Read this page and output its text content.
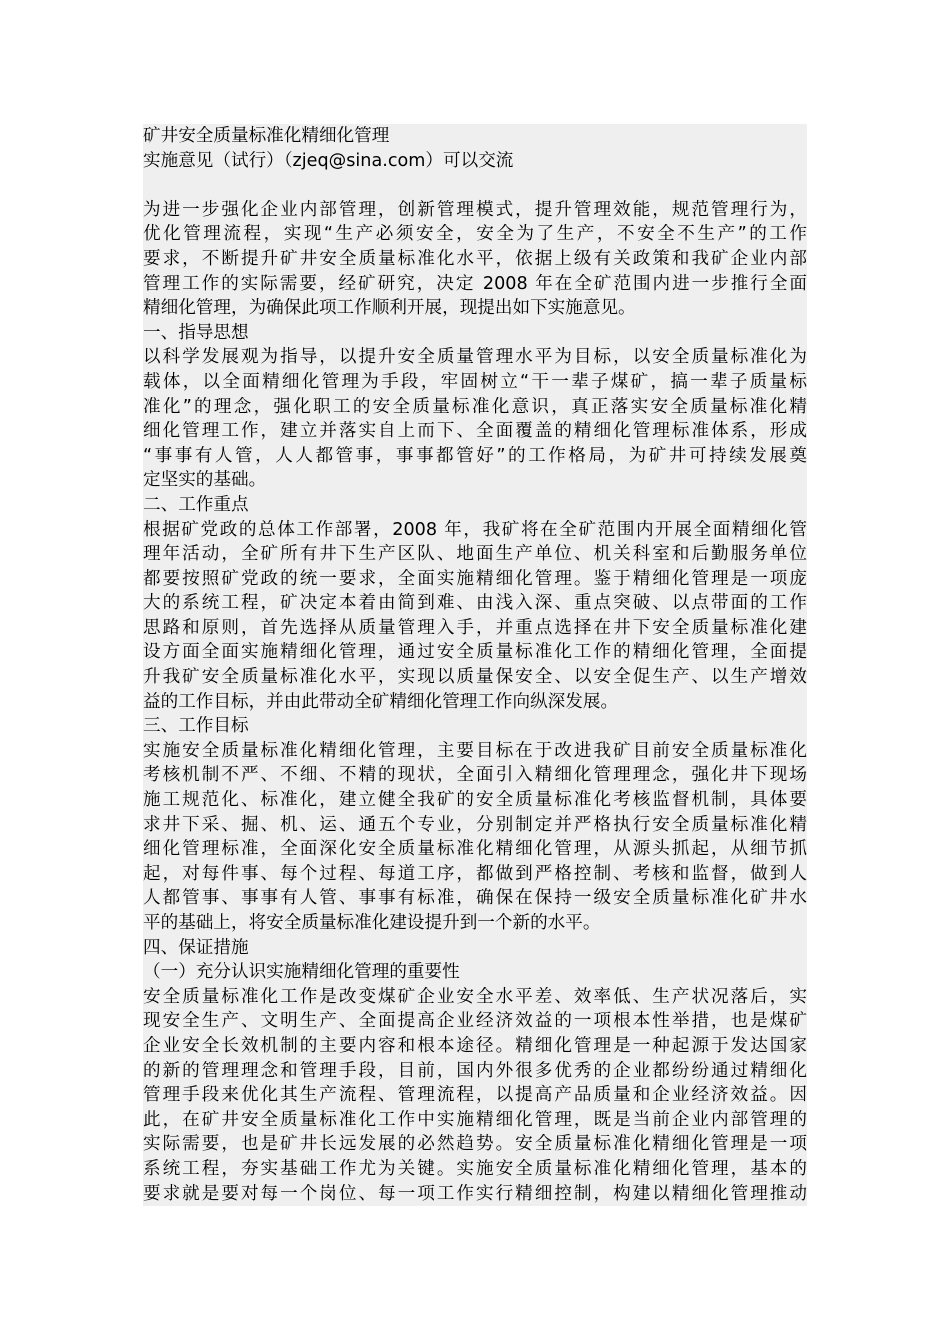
矿井安全质量标准化精细化管理
实施意见（试行）（zjeq@sina.com）可以交流
为进一步强化企业内部管理，创新管理模式，提升管理效能，规范管理行为，
优化管理流程，实现“生产必须安全，安全为了生产，不安全不生产”的工作
要求，不断提升矿井安全质量标准化水平，依据上级有关政策和我矿企业内部
管理工作的实际需要，经矿研究，决定 2008 年在全矿范围内进一步推行全面
精细化管理，为确保此项工作顺利开展，现提出如下实施意见。
一、指导思想
以科学发展观为指导，以提升安全质量管理水平为目标，以安全质量标准化为
载体，以全面精细化管理为手段，牢固树立“干一辈子煤矿，搞一辈子质量标
准化”的理念，强化职工的安全质量标准化意识，真正落实安全质量标准化精
细化管理工作，建立并落实自上而下、全面覆盖的精细化管理标准体系，形成
“事事有人管，人人都管事，事事都管好”的工作格局，为矿井可持续发展奠
定坚实的基础。
二、工作重点
根据矿党政的总体工作部署，2008 年，我矿将在全矿范围内开展全面精细化管
理年活动，全矿所有井下生产区队、地面生产单位、机关科室和后勤服务单位
都要按照矿党政的统一要求，全面实施精细化管理。鉴于精细化管理是一项庞
大的系统工程，矿决定本着由简到难、由浅入深、重点突破、以点带面的工作
思路和原则，首先选择从质量管理入手，并重点选择在井下安全质量标准化建
设方面全面实施精细化管理，通过安全质量标准化工作的精细化管理，全面提
升我矿安全质量标准化水平，实现以质量保安全、以安全促生产、以生产增效
益的工作目标，并由此带动全矿精细化管理工作向纵深发展。
三、工作目标
实施安全质量标准化精细化管理，主要目标在于改进我矿目前安全质量标准化
考核机制不严、不细、不精的现状，全面引入精细化管理理念，强化井下现场
施工规范化、标准化，建立健全我矿的安全质量标准化考核监督机制，具体要
求井下采、掘、机、运、通五个专业，分别制定并严格执行安全质量标准化精
细化管理标准，全面深化安全质量标准化精细化管理，从源头抓起，从细节抓
起，对每件事、每个过程、每道工序，都做到严格控制、考核和监督，做到人
人都管事、事事有人管、事事有标准，确保在保持一级安全质量标准化矿井水
平的基础上，将安全质量标准化建设提升到一个新的水平。
四、保证措施
（一）充分认识实施精细化管理的重要性
安全质量标准化工作是改变煤矿企业安全水平差、效率低、生产状况落后，实
现安全生产、文明生产、全面提高企业经济效益的一项根本性举措，也是煤矿
企业安全长效机制的主要内容和根本途径。精细化管理是一种起源于发达国家
的新的管理理念和管理手段，目前，国内外很多优秀的企业都纷纷通过精细化
管理手段来优化其生产流程、管理流程，以提高产品质量和企业经济效益。因
此，在矿井安全质量标准化工作中实施精细化管理，既是当前企业内部管理的
实际需要，也是矿井长远发展的必然趋势。安全质量标准化精细化管理是一项
系统工程，夯实基础工作尤为关键。实施安全质量标准化精细化管理，基本的
要求就是要对每一个岗位、每一项工作实行精细控制，构建以精细化管理推动
